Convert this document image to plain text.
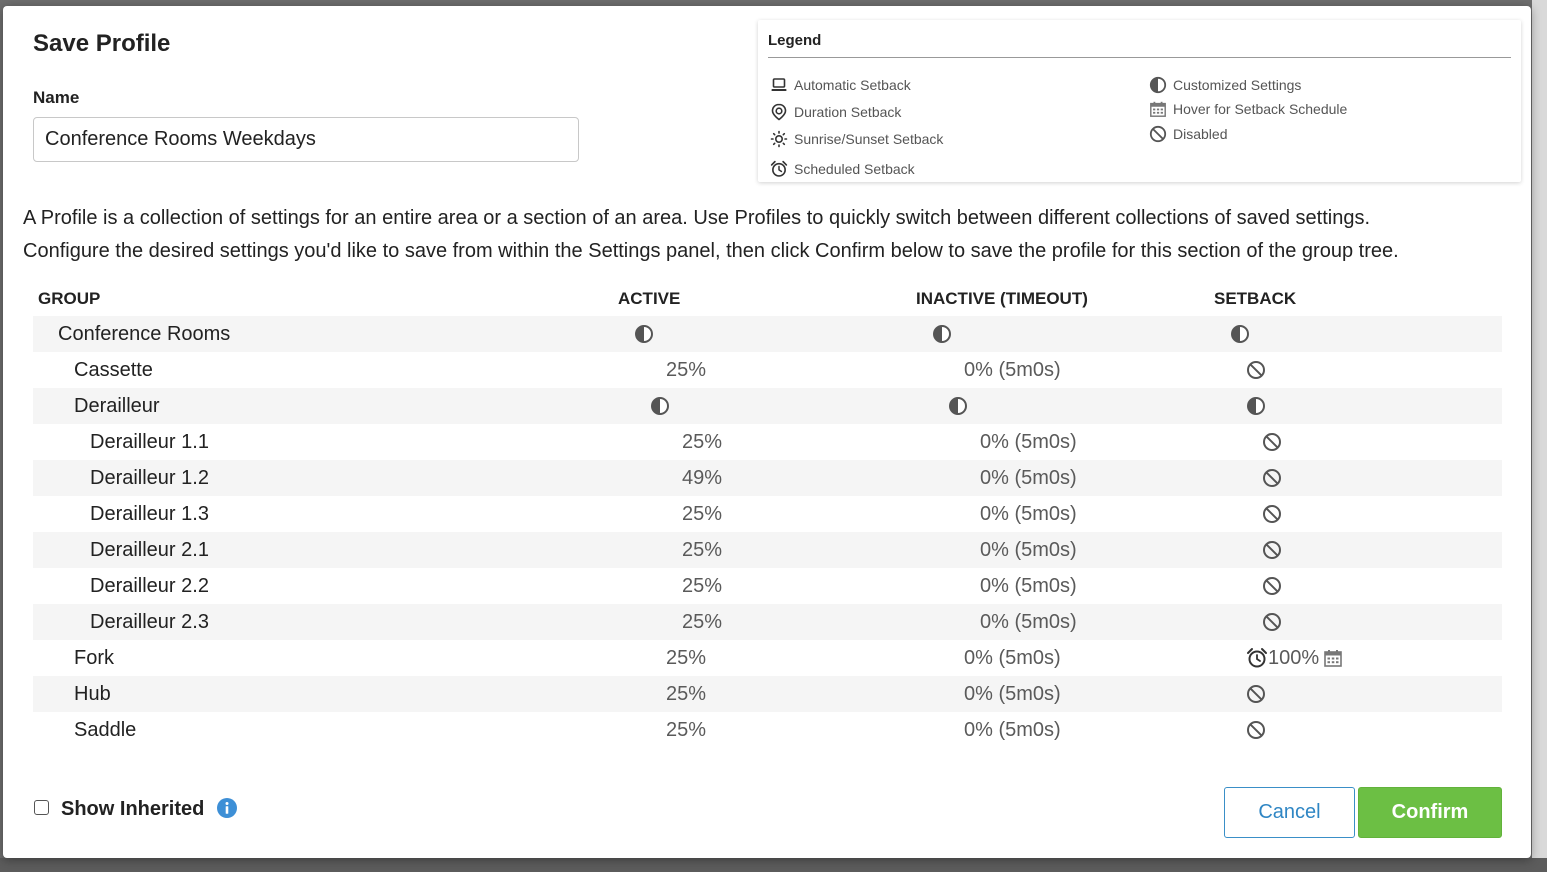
Save Profile
Name
Conference Rooms Weekdays
Legend
Automatic Setback
Duration Setback
Sunrise/Sunset Setback
Scheduled Setback
Customized Settings
Hover for Setback Schedule
Disabled
A Profile is a collection of settings for an entire area or a section of an area. Use Profiles to quickly switch between different collections of saved settings.
Configure the desired settings you'd like to save from within the Settings panel, then click Confirm below to save the profile for this section of the group tree.
GROUP	ACTIVE	INACTIVE (TIMEOUT)	SETBACK
Conference Rooms
Cassette	25%	0% (5m0s)
Derailleur
Derailleur 1.1	25%	0% (5m0s)
Derailleur 1.2	49%	0% (5m0s)
Derailleur 1.3	25%	0% (5m0s)
Derailleur 2.1	25%	0% (5m0s)
Derailleur 2.2	25%	0% (5m0s)
Derailleur 2.3	25%	0% (5m0s)
Fork	25%	0% (5m0s)	100%
Hub	25%	0% (5m0s)
Saddle	25%	0% (5m0s)
Show Inherited	Cancel	Confirm
